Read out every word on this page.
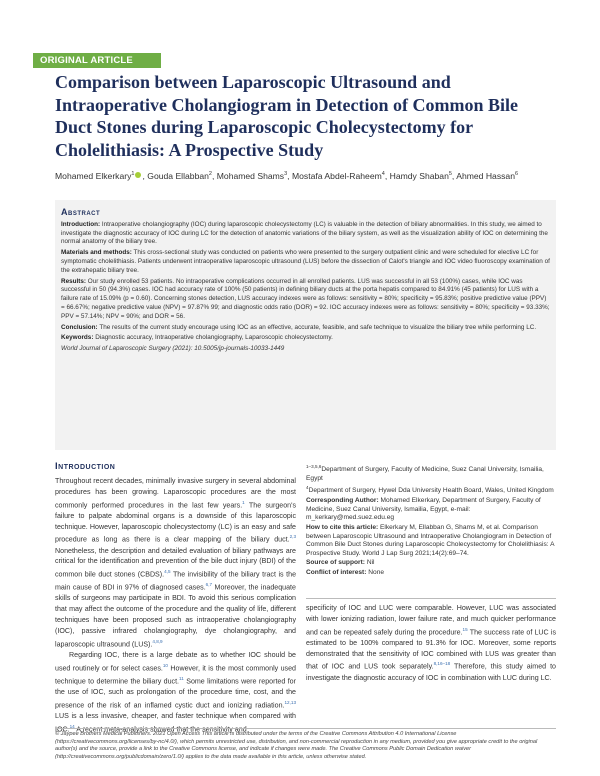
ORIGINAL ARTICLE
Comparison between Laparoscopic Ultrasound and Intraoperative Cholangiogram in Detection of Common Bile Duct Stones during Laparoscopic Cholecystectomy for Cholelithiasis: A Prospective Study
Mohamed Elkerkary$^1$ , Gouda Ellabban$^2$, Mohamed Shams$^3$, Mostafa Abdel-Raheem$^4$, Hamdy Shaban$^5$, Ahmed Hassan$^6$
Abstract

Introduction: Intraoperative cholangiography (IOC) during laparoscopic cholecystectomy (LC) is valuable in the detection of biliary abnormalities. In this study, we aimed to investigate the diagnostic accuracy of IOC during LC for the detection of anatomic variations of the biliary system, as well as the visualization ability of IOC on determining the normal anatomy of the biliary tree.

Materials and methods: This cross-sectional study was conducted on patients who were presented to the surgery outpatient clinic and were scheduled for elective LC for symptomatic cholelithiasis. Patients underwent intraoperative laparoscopic ultrasound (LUS) before the dissection of Calot's triangle and IOC video fluoroscopy examination of the extrahepatic biliary tree.

Results: Our study enrolled 53 patients. No intraoperative complications occurred in all enrolled patients. LUS was successful in all 53 (100%) cases, while IOC was successful in 50 (94.3%) cases. IOC had accuracy rate of 100% (50 patients) in defining biliary ducts at the porta hepatis compared to 84.91% (45 patients) for LUS with a failure rate of 15.09% (p = 0.60). Concerning stones detection, LUS accuracy indexes were as follows: sensitivity = 80%; specificity = 95.83%; positive predictive value (PPV) = 66.67%; negative predictive value (NPV) = 97.87% 99; and diagnostic odds ratio (DOR) = 92. IOC accuracy indexes were as follows: sensitivity = 80%; specificity = 93.33%; PPV = 57.14%; NPV = 90%; and DOR = 56.

Conclusion: The results of the current study encourage using IOC as an effective, accurate, feasible, and safe technique to visualize the biliary tree while performing LC.

Keywords: Diagnostic accuracy, Intraoperative cholangiography, Laparoscopic cholecystectomy.

World Journal of Laparoscopic Surgery (2021): 10.5005/jp-journals-10033-1449

Introduction

Throughout recent decades, minimally invasive surgery in several abdominal procedures has been growing. Laparoscopic procedures are the most commonly performed procedures in the last few years.$^1$ The surgeon's failure to palpate abdominal organs is a downside of this laparoscopic technique. However, laparoscopic cholecystectomy (LC) is an easy and safe procedure as long as there is a clear mapping of the biliary duct.$^{2,3}$ Nonetheless, the description and detailed evaluation of biliary pathways are critical for the identification and prevention of the bile duct injury (BDI) of the common bile duct stones (CBDS).$^{4,5}$ The invisibility of the biliary tract is the main cause of BDI in 97% of diagnosed cases.$^{6,7}$ Moreover, the inadequate skills of surgeons may participate in BDI. To avoid this serious complication that may affect the outcome of the procedure and the quality of life, different techniques have been proposed such as intraoperative cholangiography (IOC), passive infrared cholangiography, dye cholangiography, and laparoscopic ultrasound (LUS).$^{4,8,9}$

Regarding IOC, there is a large debate as to whether IOC should be used routinely or for select cases.$^{10}$ However, it is the most commonly used technique to determine the biliary duct.$^{11}$ Some limitations were reported for the use of IOC, such as prolongation of the procedure time, cost, and the presence of the risk of an inflamed cystic duct and ionizing radiation.$^{12,13}$ LUS is a less invasive, cheaper, and faster technique when compared with IOC.$^{14}$ A recent meta-analysis showed that the sensitivity and

$^{1-3,5,6}$Department of Surgery, Faculty of Medicine, Suez Canal University, Ismailia, Egypt

$^4$Department of Surgery, Hywel Dda University Health Board, Wales, United Kingdom

Corresponding Author: Mohamed Elkerkary, Department of Surgery, Faculty of Medicine, Suez Canal University, Ismailia, Egypt, e-mail: m_kerkary@med.suez.edu.eg

How to cite this article: Elkerkary M, Ellabban G, Shams M, et al. Comparison between Laparoscopic Ultrasound and Intraoperative Cholangiogram in Detection of Common Bile Duct Stones during Laparoscopic Cholecystectomy for Cholelithiasis: A Prospective Study. World J Lap Surg 2021;14(2):69–74.

Source of support: Nil

Conflict of interest: None

specificity of IOC and LUC were comparable. However, LUC was associated with lower ionizing radiation, lower failure rate, and much quicker performance and can be repeated safely during the procedure.$^{15}$ The success rate of LUC is estimated to be 100% compared to 91.3% for IOC. Moreover, some reports demonstrated that the sensitivity of IOC combined with LUS was greater than that of IOC and LUS took separately.$^{8,16-18}$ Therefore, this study aimed to investigate the diagnostic accuracy of IOC in combination with LUC during LC.

© Jaypee Brothers Medical Publishers. 2021 Open Access This article is distributed under the terms of the Creative Commons Attribution 4.0 International License (https://creativecommons.org/licenses/by-nc/4.0/), which permits unrestricted use, distribution, and non-commercial reproduction in any medium, provided you give appropriate credit to the original author(s) and the source, provide a link to the Creative Commons license, and indicate if changes were made. The Creative Commons Public Domain Dedication waiver (http://creativecommons.org/publicdomain/zero/1.0/) applies to the data made available in this article, unless otherwise stated.
